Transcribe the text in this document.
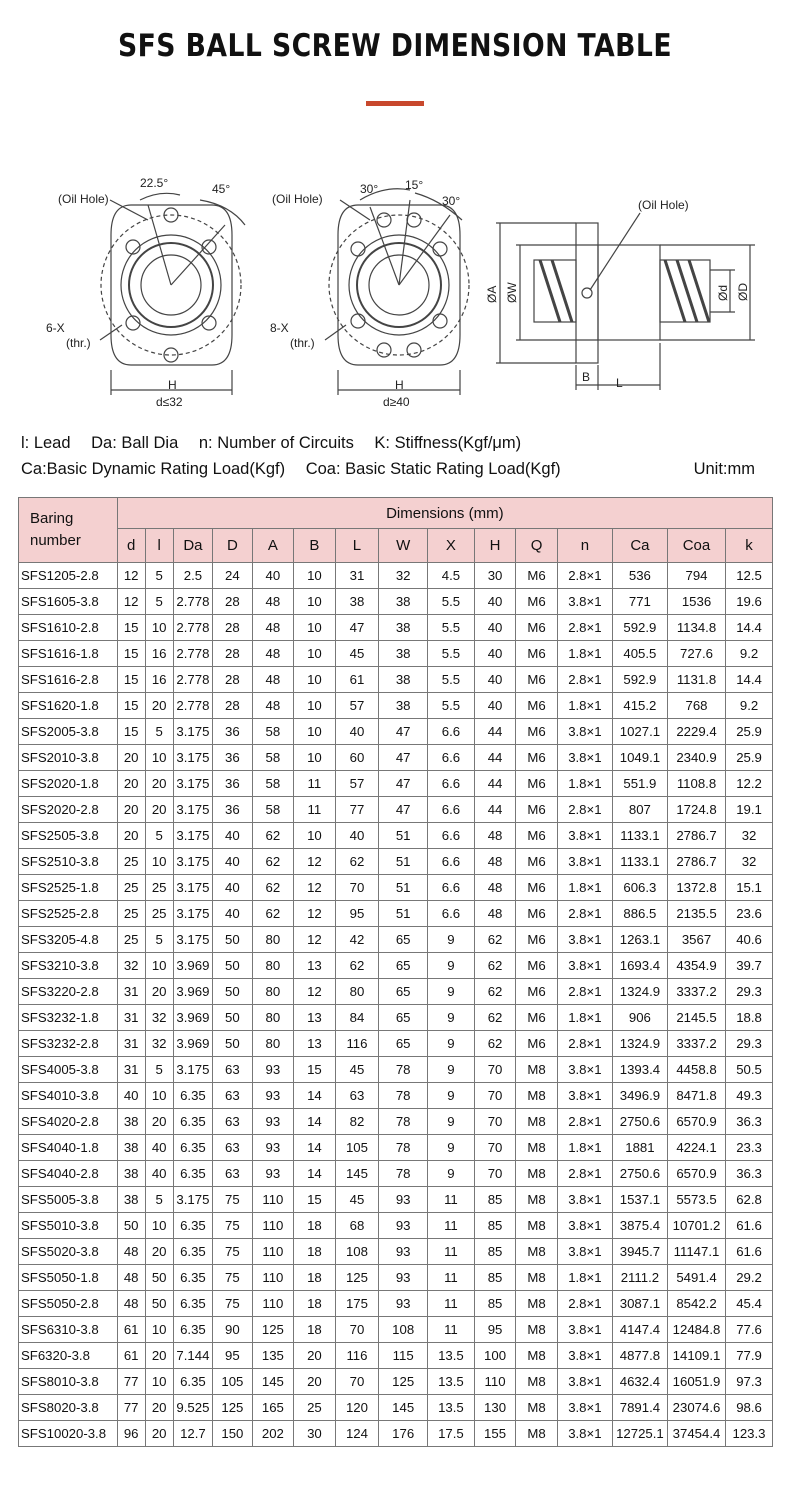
SFS BALL SCREW DIMENSION TABLE
(Oil Hole)
22.5°	45°
6-X
(thr.)
H
d≤32
(Oil Hole)
30° 15°
30°
8-X
(thr.)
H
d≥40
(Oil Hole)
ØA ØW	Ød ØD
B L
l: Lead Da: Ball Dia n: Number of Circuits K: Stiffness(Kgf/μm)
Ca:Basic Dynamic Rating Load(Kgf) Coa: Basic Static Rating Load(Kgf)	Unit:mm
Baring
number	Dimensions (mm)														
	d	l	Da	D	A	B	L	W	X	H	Q	n	Ca	Coa	k
SFS1205-2.8	12	5	2.5	24	40	10	31	32	4.5	30	M6	2.8×1	536	794	12.5
SFS1605-3.8	12	5	2.778	28	48	10	38	38	5.5	40	M6	3.8×1	771	1536	19.6
SFS1610-2.8	15	10	2.778	28	48	10	47	38	5.5	40	M6	2.8×1	592.9	1134.8	14.4
SFS1616-1.8	15	16	2.778	28	48	10	45	38	5.5	40	M6	1.8×1	405.5	727.6	9.2
SFS1616-2.8	15	16	2.778	28	48	10	61	38	5.5	40	M6	2.8×1	592.9	1131.8	14.4
SFS1620-1.8	15	20	2.778	28	48	10	57	38	5.5	40	M6	1.8×1	415.2	768	9.2
SFS2005-3.8	15	5	3.175	36	58	10	40	47	6.6	44	M6	3.8×1	1027.1	2229.4	25.9
SFS2010-3.8	20	10	3.175	36	58	10	60	47	6.6	44	M6	3.8×1	1049.1	2340.9	25.9
SFS2020-1.8	20	20	3.175	36	58	11	57	47	6.6	44	M6	1.8×1	551.9	1108.8	12.2
SFS2020-2.8	20	20	3.175	36	58	11	77	47	6.6	44	M6	2.8×1	807	1724.8	19.1
SFS2505-3.8	20	5	3.175	40	62	10	40	51	6.6	48	M6	3.8×1	1133.1	2786.7	32
SFS2510-3.8	25	10	3.175	40	62	12	62	51	6.6	48	M6	3.8×1	1133.1	2786.7	32
SFS2525-1.8	25	25	3.175	40	62	12	70	51	6.6	48	M6	1.8×1	606.3	1372.8	15.1
SFS2525-2.8	25	25	3.175	40	62	12	95	51	6.6	48	M6	2.8×1	886.5	2135.5	23.6
SFS3205-4.8	25	5	3.175	50	80	12	42	65	9	62	M6	3.8×1	1263.1	3567	40.6
SFS3210-3.8	32	10	3.969	50	80	13	62	65	9	62	M6	3.8×1	1693.4	4354.9	39.7
SFS3220-2.8	31	20	3.969	50	80	12	80	65	9	62	M6	2.8×1	1324.9	3337.2	29.3
SFS3232-1.8	31	32	3.969	50	80	13	84	65	9	62	M6	1.8×1	906	2145.5	18.8
SFS3232-2.8	31	32	3.969	50	80	13	116	65	9	62	M6	2.8×1	1324.9	3337.2	29.3
SFS4005-3.8	31	5	3.175	63	93	15	45	78	9	70	M8	3.8×1	1393.4	4458.8	50.5
SFS4010-3.8	40	10	6.35	63	93	14	63	78	9	70	M8	3.8×1	3496.9	8471.8	49.3
SFS4020-2.8	38	20	6.35	63	93	14	82	78	9	70	M8	2.8×1	2750.6	6570.9	36.3
SFS4040-1.8	38	40	6.35	63	93	14	105	78	9	70	M8	1.8×1	1881	4224.1	23.3
SFS4040-2.8	38	40	6.35	63	93	14	145	78	9	70	M8	2.8×1	2750.6	6570.9	36.3
SFS5005-3.8	38	5	3.175	75	110	15	45	93	11	85	M8	3.8×1	1537.1	5573.5	62.8
SFS5010-3.8	50	10	6.35	75	110	18	68	93	11	85	M8	3.8×1	3875.4	10701.2	61.6
SFS5020-3.8	48	20	6.35	75	110	18	108	93	11	85	M8	3.8×1	3945.7	11147.1	61.6
SFS5050-1.8	48	50	6.35	75	110	18	125	93	11	85	M8	1.8×1	2111.2	5491.4	29.2
SFS5050-2.8	48	50	6.35	75	110	18	175	93	11	85	M8	2.8×1	3087.1	8542.2	45.4
SFS6310-3.8	61	10	6.35	90	125	18	70	108	11	95	M8	3.8×1	4147.4	12484.8	77.6
SF6320-3.8	61	20	7.144	95	135	20	116	115	13.5	100	M8	3.8×1	4877.8	14109.1	77.9
SFS8010-3.8	77	10	6.35	105	145	20	70	125	13.5	110	M8	3.8×1	4632.4	16051.9	97.3
SFS8020-3.8	77	20	9.525	125	165	25	120	145	13.5	130	M8	3.8×1	7891.4	23074.6	98.6
SFS10020-3.8	96	20	12.7	150	202	30	124	176	17.5	155	M8	3.8×1	12725.1	37454.4	123.3
